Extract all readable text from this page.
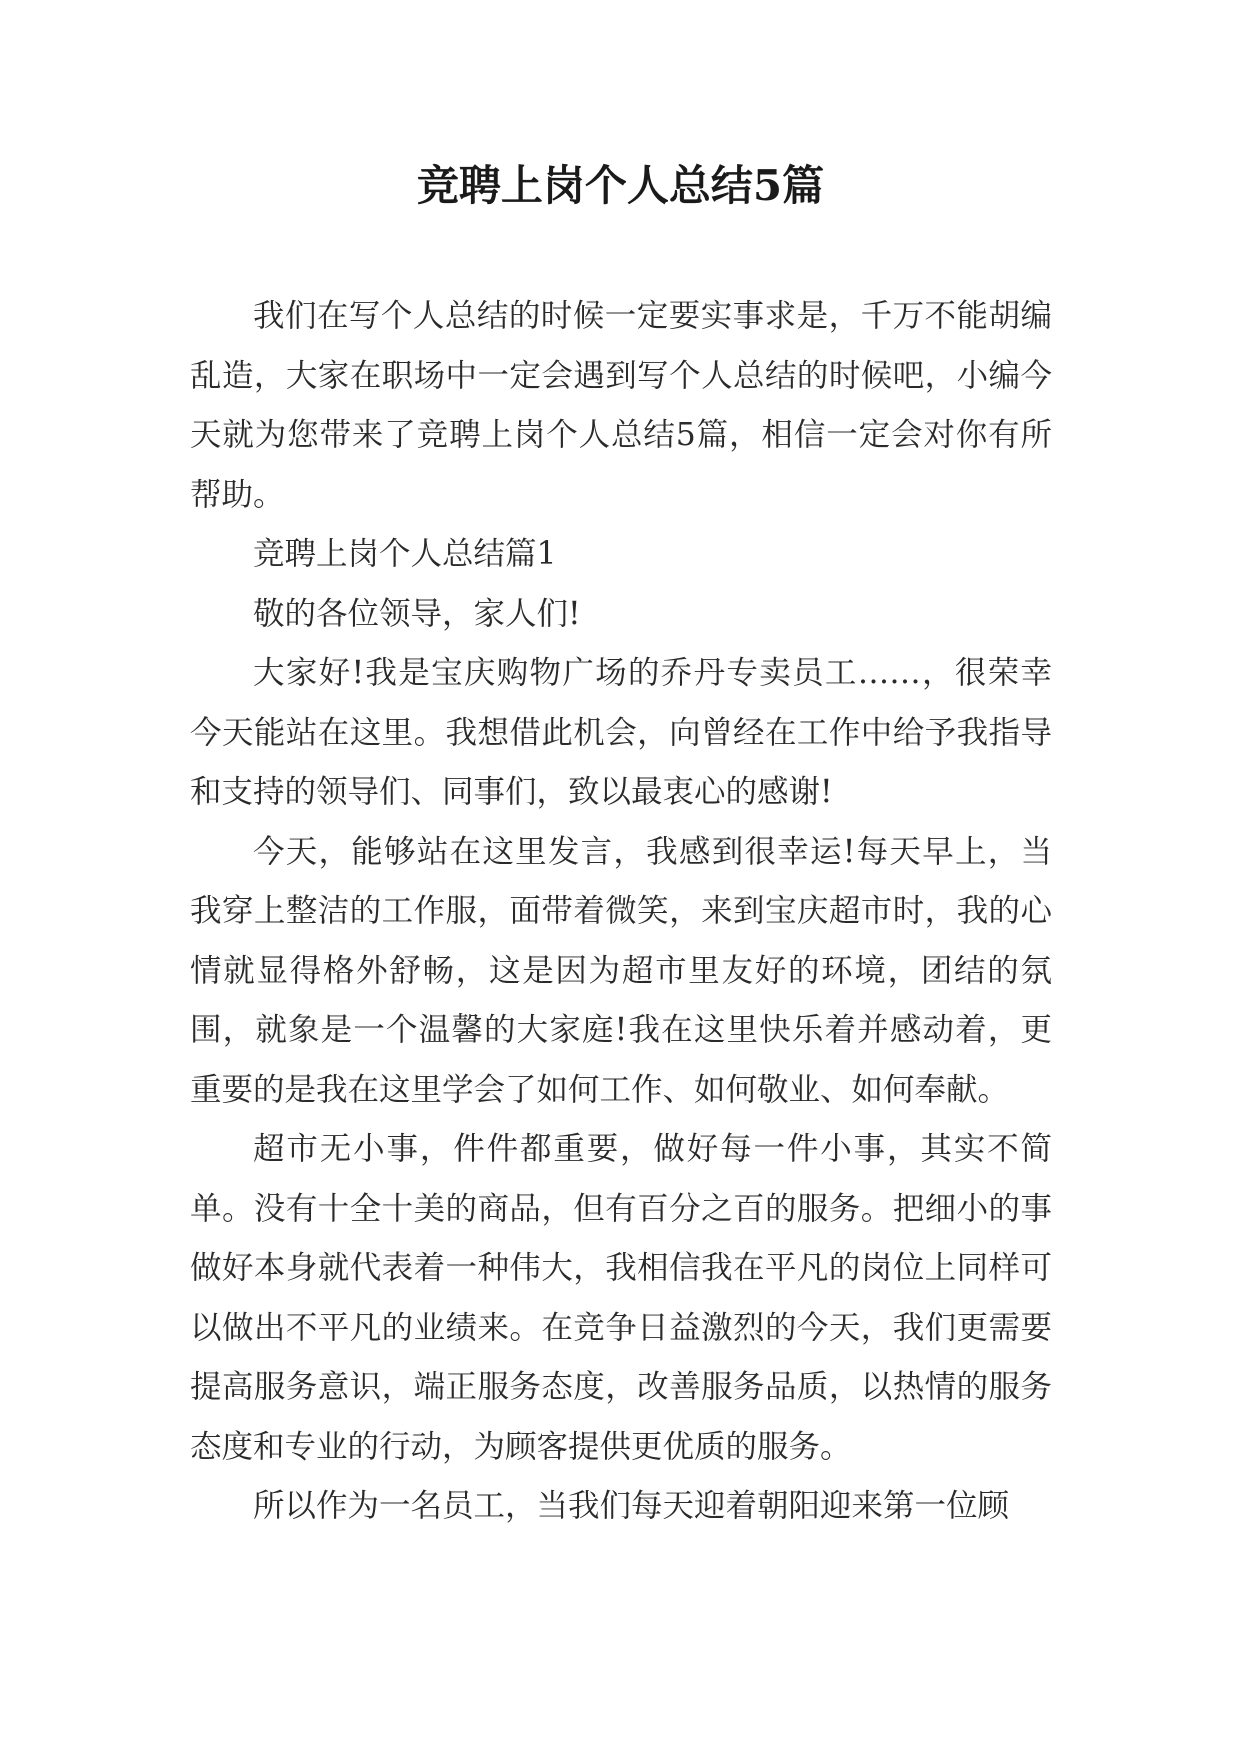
竞聘上岗个人总结5篇

我们在写个人总结的时候一定要实事求是，千万不能胡编乱造，大家在职场中一定会遇到写个人总结的时候吧，小编今天就为您带来了竞聘上岗个人总结5篇，相信一定会对你有所帮助。

竞聘上岗个人总结篇1

敬的各位领导，家人们!

大家好!我是宝庆购物广场的乔丹专卖员工……，很荣幸今天能站在这里。我想借此机会，向曾经在工作中给予我指导和支持的领导们、同事们，致以最衷心的感谢!

今天，能够站在这里发言，我感到很幸运!每天早上，当我穿上整洁的工作服，面带着微笑，来到宝庆超市时，我的心情就显得格外舒畅，这是因为超市里友好的环境，团结的氛围，就象是一个温馨的大家庭!我在这里快乐着并感动着，更重要的是我在这里学会了如何工作、如何敬业、如何奉献。

超市无小事，件件都重要，做好每一件小事，其实不简单。没有十全十美的商品，但有百分之百的服务。把细小的事做好本身就代表着一种伟大，我相信我在平凡的岗位上同样可以做出不平凡的业绩来。在竞争日益激烈的今天，我们更需要提高服务意识，端正服务态度，改善服务品质，以热情的服务态度和专业的行动，为顾客提供更优质的服务。

所以作为一名员工，当我们每天迎着朝阳迎来第一位顾
